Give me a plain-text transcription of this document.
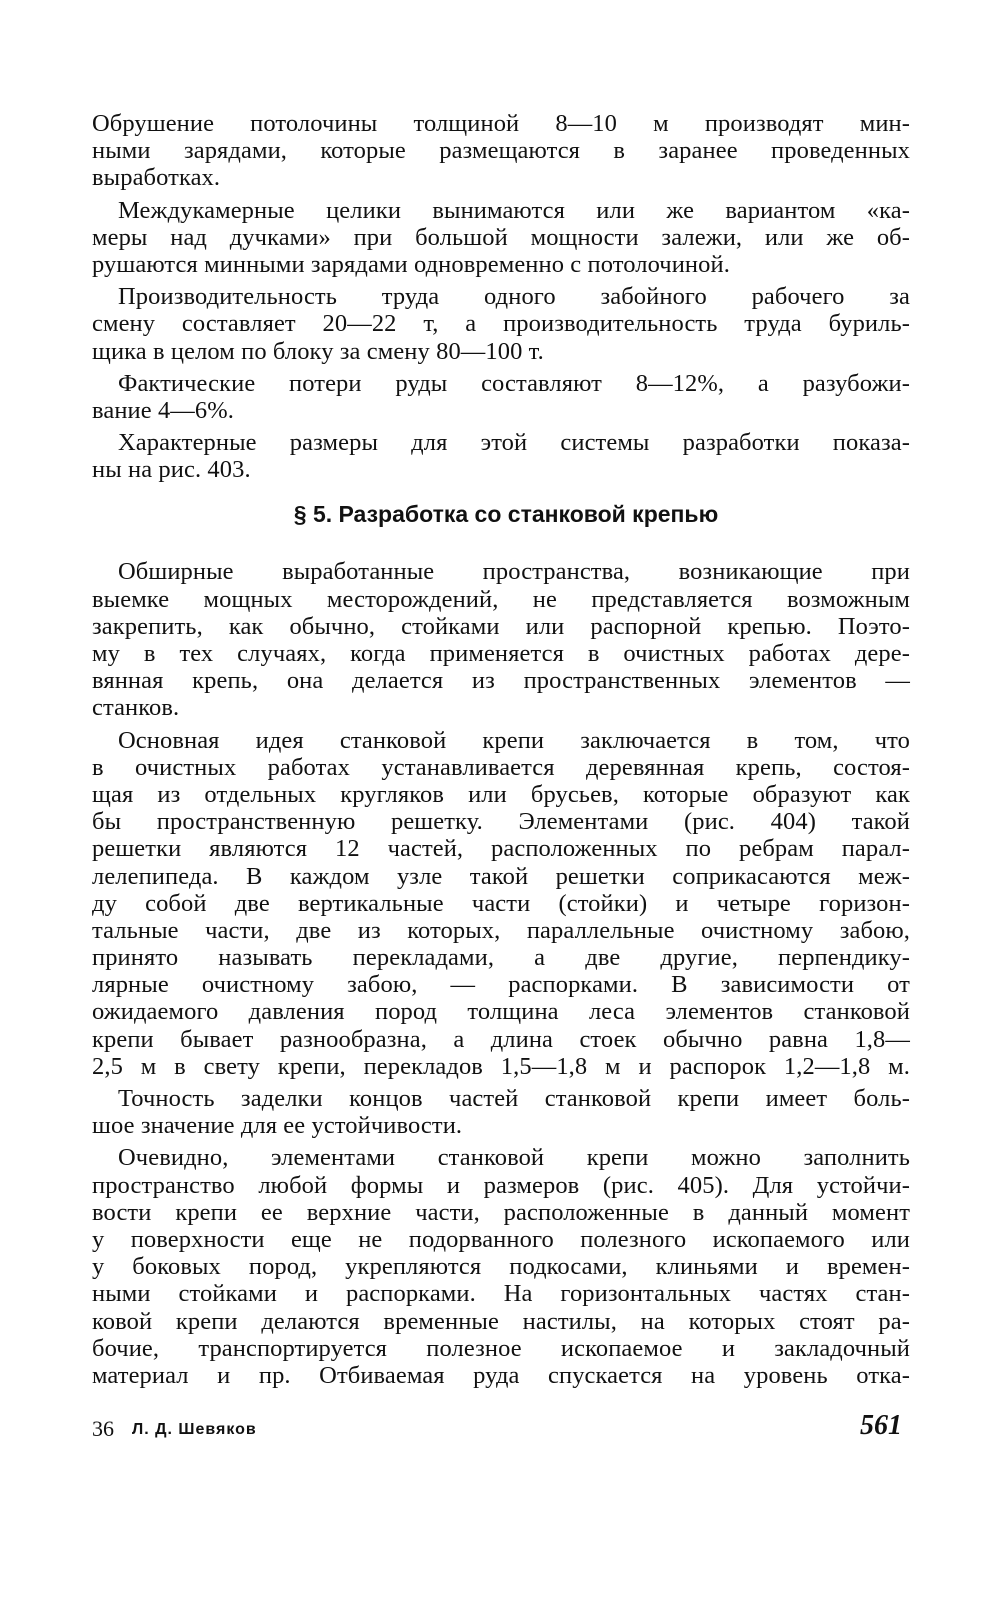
Обрушение потолочины толщиной 8—10 м производят мин-
ными зарядами, которые размещаются в заранее проведенных
выработках.
Междукамерные целики вынимаются или же вариантом «ка-
меры над дучками» при большой мощности залежи, или же об-
рушаются минными зарядами одновременно с потолочиной.
Производительность труда одного забойного рабочего за
смену составляет 20—22 т, а производительность труда буриль-
щика в целом по блоку за смену 80—100 т.
Фактические потери руды составляют 8—12%, а разубожи-
вание 4—6%.
Характерные размеры для этой системы разработки показа-
ны на рис. 403.
§ 5. Разработка со станковой крепью
Обширные выработанные пространства, возникающие при
выемке мощных месторождений, не представляется возможным
закрепить, как обычно, стойками или распорной крепью. Поэто-
му в тех случаях, когда применяется в очистных работах дере-
вянная крепь, она делается из пространственных элементов —
станков.
Основная идея станковой крепи заключается в том, что
в очистных работах устанавливается деревянная крепь, состоя-
щая из отдельных кругляков или брусьев, которые образуют как
бы пространственную решетку. Элементами (рис. 404) такой
решетки являются 12 частей, расположенных по ребрам парал-
лелепипеда. В каждом узле такой решетки соприкасаются меж-
ду собой две вертикальные части (стойки) и четыре горизон-
тальные части, две из которых, параллельные очистному забою,
принято называть перекладами, а две другие, перпендику-
лярные очистному забою, — распорками. В зависимости от
ожидаемого давления пород толщина леса элементов станковой
крепи бывает разнообразна, а длина стоек обычно равна 1,8—
2,5 м в свету крепи, перекладов 1,5—1,8 м и распорок 1,2—1,8 м.
Точность заделки концов частей станковой крепи имеет боль-
шое значение для ее устойчивости.
Очевидно, элементами станковой крепи можно заполнить
пространство любой формы и размеров (рис. 405). Для устойчи-
вости крепи ее верхние части, расположенные в данный момент
у поверхности еще не подорванного полезного ископаемого или
у боковых пород, укрепляются подкосами, клиньями и времен-
ными стойками и распорками. На горизонтальных частях стан-
ковой крепи делаются временные настилы, на которых стоят ра-
бочие, транспортируется полезное ископаемое и закладочный
материал и пр. Отбиваемая руда спускается на уровень отка-
36 Л. Д. Шевяков	561
